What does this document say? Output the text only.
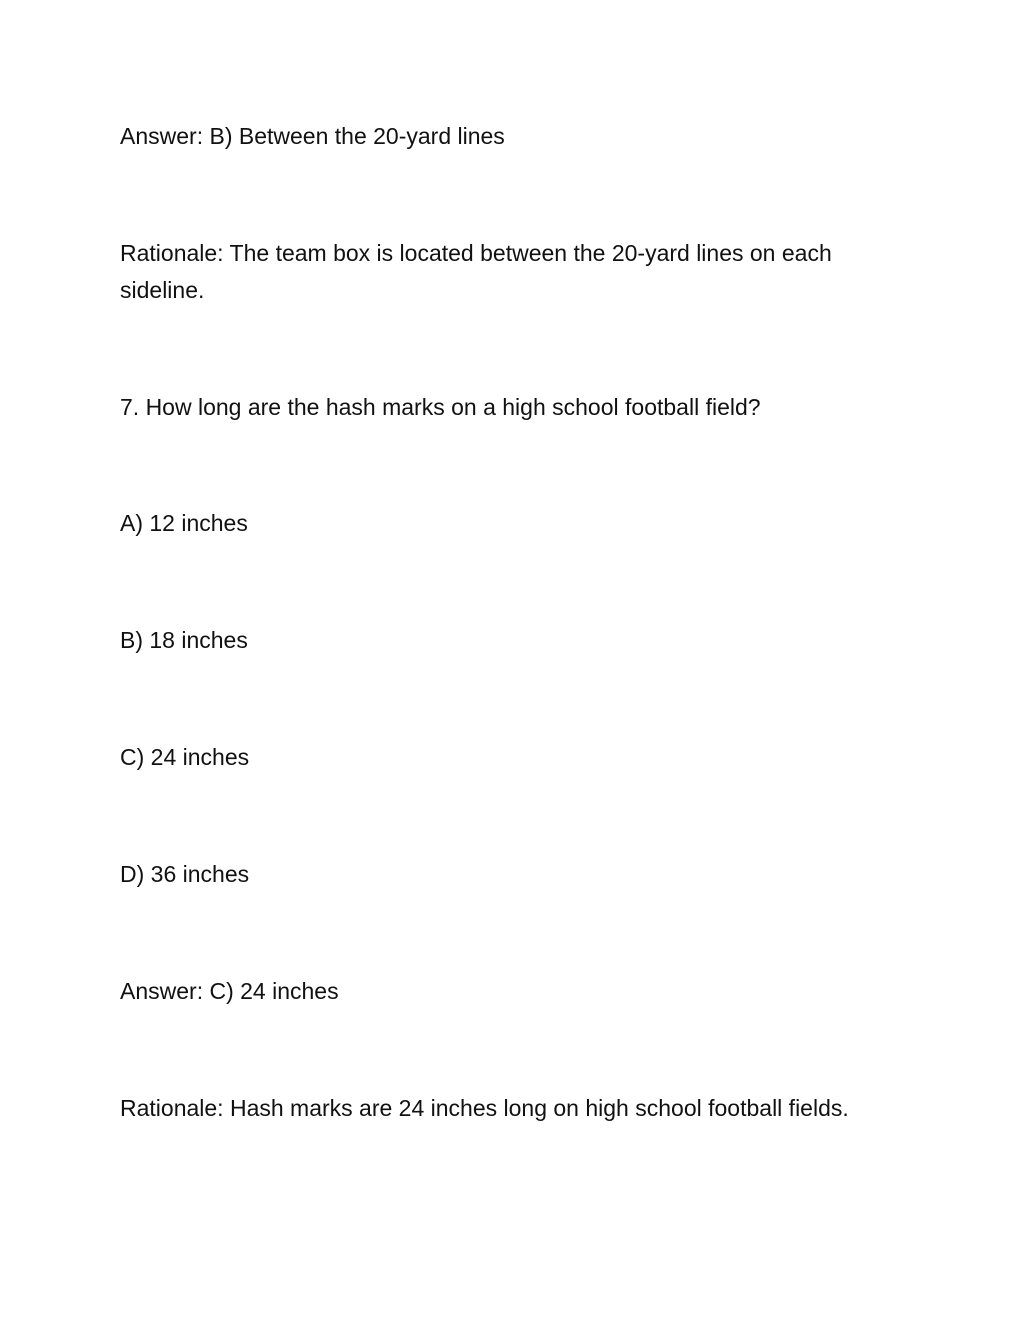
Answer: B) Between the 20-yard lines

Rationale: The team box is located between the 20-yard lines on each sideline.

7. How long are the hash marks on a high school football field?

A) 12 inches

B) 18 inches

C) 24 inches

D) 36 inches

Answer: C) 24 inches

Rationale: Hash marks are 24 inches long on high school football fields.
